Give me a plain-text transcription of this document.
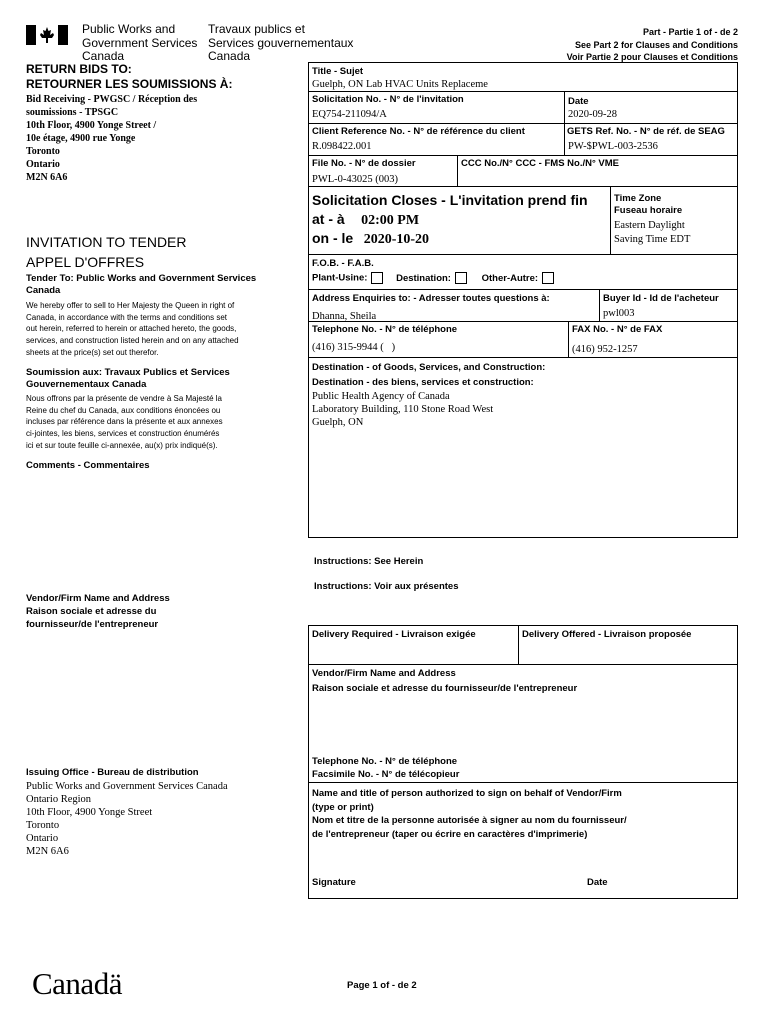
Public Works and
Government Services
Canada
Travaux publics et
Services gouvernementaux
Canada
Part - Partie 1 of - de 2
See Part 2 for Clauses and Conditions
Voir Partie 2 pour Clauses et Conditions
RETURN BIDS TO:
RETOURNER LES SOUMISSIONS À:
Bid Receiving - PWGSC / Réception des
soumissions - TPSGC
10th Floor, 4900 Yonge Street /
10e étage, 4900 rue Yonge
Toronto
Ontario
M2N 6A6
INVITATION TO TENDER
APPEL D'OFFRES
Tender To: Public Works and Government Services Canada
We hereby offer to sell to Her Majesty the Queen in right of
Canada, in accordance with the terms and conditions set
out herein, referred to herein or attached hereto, the goods,
services, and construction listed herein and on any attached
sheets at the price(s) set out therefor.
Soumission aux: Travaux Publics et Services Gouvernementaux Canada
Nous offrons par la présente de vendre à Sa Majesté la
Reine du chef du Canada, aux conditions énoncées ou
incluses par référence dans la présente et aux annexes
ci-jointes, les biens, services et construction énumérés
ici et sur toute feuille ci-annexée, au(x) prix indiqué(s).
Comments - Commentaires
Vendor/Firm Name and Address
Raison sociale et adresse du
fournisseur/de l'entrepreneur
Issuing Office - Bureau de distribution
Public Works and Government Services Canada
Ontario Region
10th Floor, 4900 Yonge Street
Toronto
Ontario
M2N 6A6
Title - Sujet
Guelph, ON Lab HVAC Units Replaceme
Solicitation No. - N° de l'invitation
EQ754-211094/A
Date
2020-09-28
Client Reference No. - N° de référence du client
R.098422.001
GETS Ref. No. - N° de réf. de SEAG
PW-$PWL-003-2536
File No. - N° de dossier
PWL-0-43025 (003)
CCC No./N° CCC - FMS No./N° VME
Solicitation Closes - L'invitation prend fin
at - à 02:00 PM
on - le 2020-10-20
Time Zone
Fuseau horaire
Eastern Daylight
Saving Time EDT
F.O.B. - F.A.B.
Plant-Usine:	Destination:	Other-Autre:
Address Enquiries to: - Adresser toutes questions à:
Dhanna, Sheila
Buyer Id - Id de l'acheteur
pwl003
Telephone No. - N° de téléphone
(416) 315-9944 (   )
FAX No. - N° de FAX
(416) 952-1257
Destination - of Goods, Services, and Construction:
Destination - des biens, services et construction:
Public Health Agency of Canada
Laboratory Building, 110 Stone Road West
Guelph, ON
Instructions: See Herein
Instructions: Voir aux présentes
Delivery Required - Livraison exigée	Delivery Offered - Livraison proposée
Vendor/Firm Name and Address
Raison sociale et adresse du fournisseur/de l'entrepreneur
Telephone No. - N° de téléphone
Facsimile No. - N° de télécopieur
Name and title of person authorized to sign on behalf of Vendor/Firm
(type or print)
Nom et titre de la personne autorisée à signer au nom du fournisseur/
de l'entrepreneur (taper ou écrire en caractères d'imprimerie)
Signature	Date
Canadä	Page 1 of - de 2
